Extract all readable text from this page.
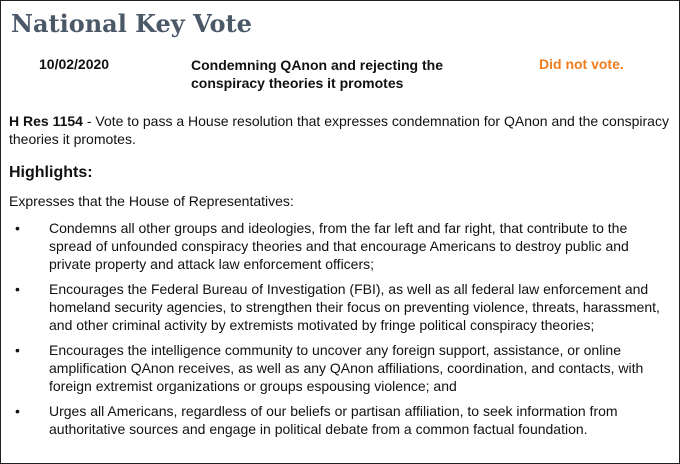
National Key Vote
10/02/2020	Condemning QAnon and rejecting the conspiracy theories it promotes
Did not vote.
H Res 1154 - Vote to pass a House resolution that expresses condemnation for QAnon and the conspiracy theories it promotes.
Highlights:
Expresses that the House of Representatives:
• Condemns all other groups and ideologies, from the far left and far right, that contribute to the spread of unfounded conspiracy theories and that encourage Americans to destroy public and private property and attack law enforcement officers;
• Encourages the Federal Bureau of Investigation (FBI), as well as all federal law enforcement and homeland security agencies, to strengthen their focus on preventing violence, threats, harassment, and other criminal activity by extremists motivated by fringe political conspiracy theories;
• Encourages the intelligence community to uncover any foreign support, assistance, or online amplification QAnon receives, as well as any QAnon affiliations, coordination, and contacts, with foreign extremist organizations or groups espousing violence; and
• Urges all Americans, regardless of our beliefs or partisan affiliation, to seek information from authoritative sources and engage in political debate from a common factual foundation.
